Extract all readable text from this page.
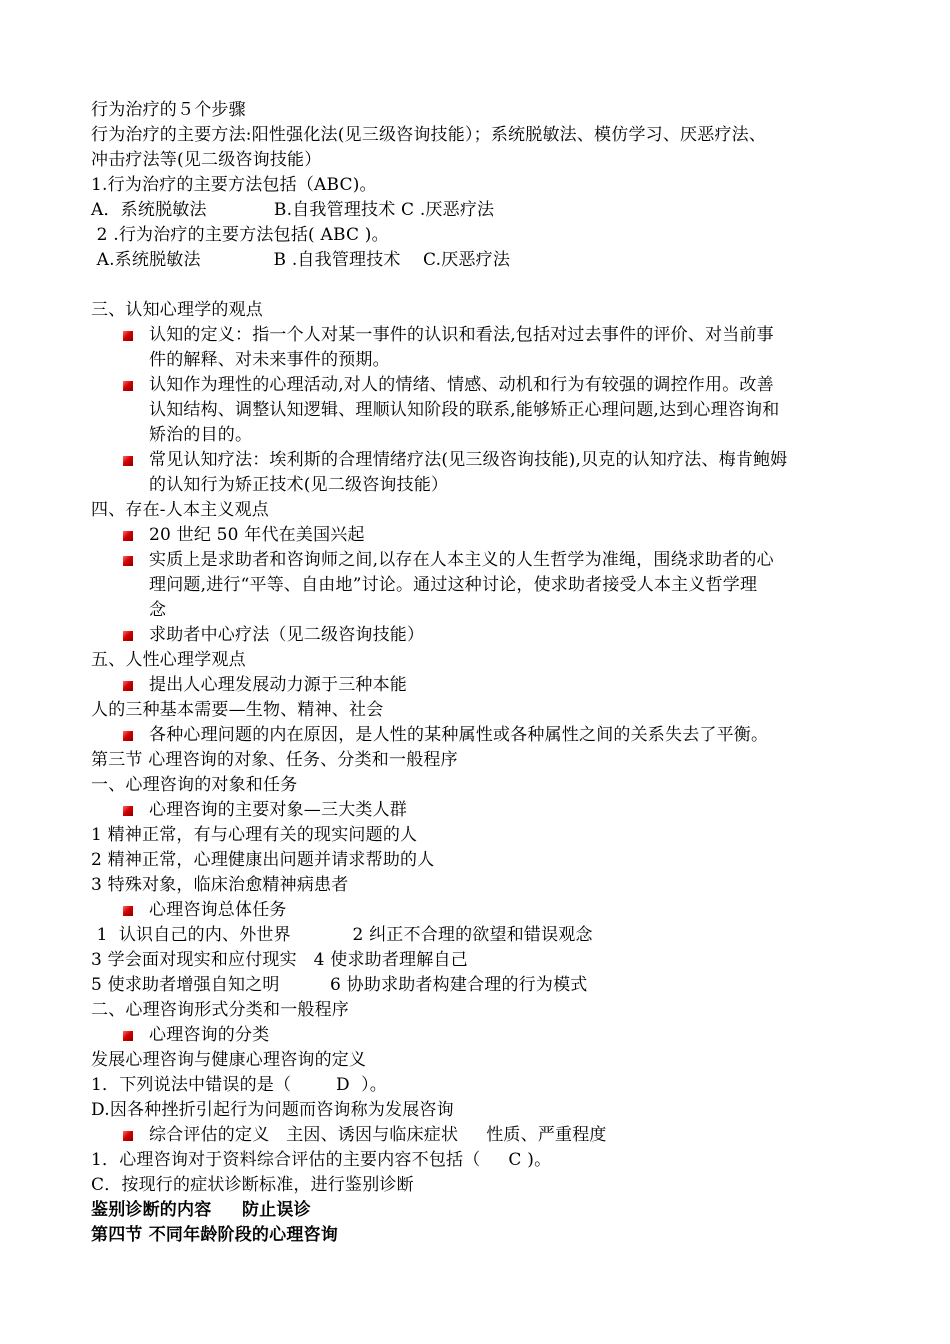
行为治疗的５个步骤
行为治疗的主要方法:阳性强化法(见三级咨询技能）；系统脱敏法、模仿学习、厌恶疗法、
冲击疗法等(见二级咨询技能）
1.行为治疗的主要方法包括（ABC)。
A．系统脱敏法            B.自我管理技术 C .厌恶疗法
2 .行为治疗的主要方法包括( ABC )。
A.系统脱敏法             B .自我管理技术    C.厌恶疗法
三、认知心理学的观点
认知的定义：指一个人对某一事件的认识和看法,包括对过去事件的评价、对当前事
件的解释、对未来事件的预期。
认知作为理性的心理活动,对人的情绪、情感、动机和行为有较强的调控作用。改善
认知结构、调整认知逻辑、理顺认知阶段的联系,能够矫正心理问题,达到心理咨询和
矫治的目的。
常见认知疗法：埃利斯的合理情绪疗法(见三级咨询技能),贝克的认知疗法、梅肯鲍姆
的认知行为矫正技术(见二级咨询技能）
四、存在-人本主义观点
20 世纪 50 年代在美国兴起
实质上是求助者和咨询师之间,以存在人本主义的人生哲学为准绳，围绕求助者的心
理问题,进行“平等、自由地”讨论。通过这种讨论，使求助者接受人本主义哲学理
念
求助者中心疗法（见二级咨询技能）
五、人性心理学观点
提出人心理发展动力源于三种本能
人的三种基本需要—生物、精神、社会
各种心理问题的内在原因，是人性的某种属性或各种属性之间的关系失去了平衡。
第三节 心理咨询的对象、任务、分类和一般程序
一、心理咨询的对象和任务
心理咨询的主要对象—三大类人群
1 精神正常，有与心理有关的现实问题的人
2 精神正常，心理健康出问题并请求帮助的人
3 特殊对象，临床治愈精神病患者
心理咨询总体任务
1  认识自己的内、外世界           2 纠正不合理的欲望和错误观念
3 学会面对现实和应付现实   4 使求助者理解自己
5 使求助者增强自知之明         6 协助求助者构建合理的行为模式
二、心理咨询形式分类和一般程序
心理咨询的分类
发展心理咨询与健康心理咨询的定义
1．下列说法中错误的是（        D  ）。
D.因各种挫折引起行为问题而咨询称为发展咨询
综合评估的定义   主因、诱因与临床症状     性质、严重程度
1．心理咨询对于资料综合评估的主要内容不包括（     C )。
C．按现行的症状诊断标准，进行鉴别诊断
鉴别诊断的内容     防止误诊
第四节 不同年龄阶段的心理咨询
